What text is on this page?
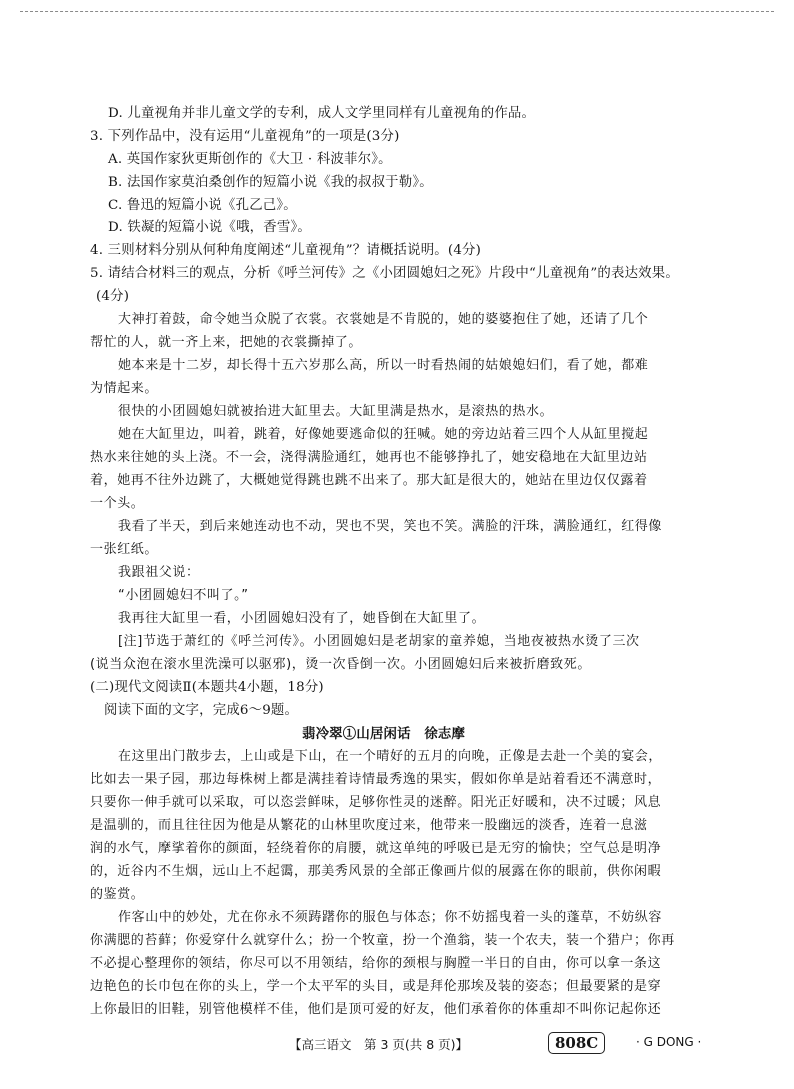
D. 儿童视角并非儿童文学的专利，成人文学里同样有儿童视角的作品。
3. 下列作品中，没有运用“儿童视角”的一项是(3分)
A. 英国作家狄更斯创作的《大卫 · 科波菲尔》。
B. 法国作家莫泊桑创作的短篇小说《我的叔叔于勒》。
C. 鲁迅的短篇小说《孔乙己》。
D. 铁凝的短篇小说《哦，香雪》。
4. 三则材料分别从何种角度阐述“儿童视角”？请概括说明。(4分)
5. 请结合材料三的观点，分析《呼兰河传》之《小团圆媳妇之死》片段中“儿童视角”的表达效果。
(4分)
大神打着鼓，命令她当众脱了衣裳。衣裳她是不肯脱的，她的婆婆抱住了她，还请了几个
帮忙的人，就一齐上来，把她的衣裳撕掉了。
她本来是十二岁，却长得十五六岁那么高，所以一时看热闹的姑娘媳妇们，看了她，都难
为情起来。
很快的小团圆媳妇就被抬进大缸里去。大缸里满是热水，是滚热的热水。
她在大缸里边，叫着，跳着，好像她要逃命似的狂喊。她的旁边站着三四个人从缸里搅起
热水来往她的头上浇。不一会，浇得满脸通红，她再也不能够挣扎了，她安稳地在大缸里边站
着，她再不往外边跳了，大概她觉得跳也跳不出来了。那大缸是很大的，她站在里边仅仅露着
一个头。
我看了半天，到后来她连动也不动，哭也不哭，笑也不笑。满脸的汗珠，满脸通红，红得像
一张红纸。
我跟祖父说：
“小团圆媳妇不叫了。”
我再往大缸里一看，小团圆媳妇没有了，她昏倒在大缸里了。
[注]节选于萧红的《呼兰河传》。小团圆媳妇是老胡家的童养媳，当地夜被热水烫了三次
(说当众泡在滚水里洗澡可以驱邪)，烫一次昏倒一次。小团圆媳妇后来被折磨致死。
(二)现代文阅读Ⅱ(本题共4小题，18分)
阅读下面的文字，完成6～9题。
翡冷翠①山居闲话　徐志摩
在这里出门散步去，上山或是下山，在一个晴好的五月的向晚，正像是去赴一个美的宴会，
比如去一果子园，那边每株树上都是满挂着诗情最秀逸的果实，假如你单是站着看还不满意时，
只要你一伸手就可以采取，可以恣尝鲜味，足够你性灵的迷醉。阳光正好暖和，决不过暖；风息
是温驯的，而且往往因为他是从繁花的山林里吹度过来，他带来一股幽远的淡香，连着一息滋
润的水气，摩挲着你的颜面，轻绕着你的肩腰，就这单纯的呼吸已是无穷的愉快；空气总是明净
的，近谷内不生烟，远山上不起霭，那美秀风景的全部正像画片似的展露在你的眼前，供你闲暇
的鉴赏。
作客山中的妙处，尤在你永不须踌躇你的服色与体态；你不妨摇曳着一头的蓬草，不妨纵容
你满腮的苔藓；你爱穿什么就穿什么；扮一个牧童，扮一个渔翁，装一个农夫，装一个猎户；你再
不必提心整理你的领结，你尽可以不用领结，给你的颈根与胸膛一半日的自由，你可以拿一条这
边艳色的长巾包在你的头上，学一个太平军的头目，或是拜伦那埃及装的姿态；但最要紧的是穿
上你最旧的旧鞋，别管他模样不佳，他们是顶可爱的好友，他们承着你的体重却不叫你记起你还
【高三语文　第 3 页(共 8 页)】	808C	· G DONG ·
